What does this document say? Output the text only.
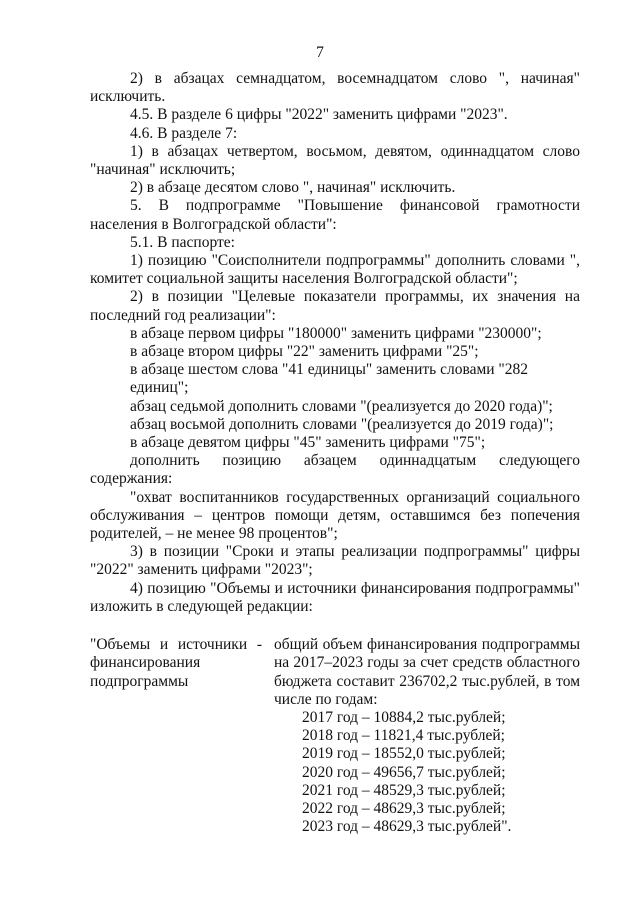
7

2) в абзацах семнадцатом, восемнадцатом слово ", начиная" исключить.

4.5. В разделе 6 цифры "2022" заменить цифрами "2023".

4.6. В разделе 7:

1) в абзацах четвертом, восьмом, девятом, одиннадцатом слово "начиная" исключить;

2) в абзаце десятом слово ", начиная" исключить.

5. В подпрограмме "Повышение финансовой грамотности населения в Волгоградской области":

5.1. В паспорте:

1) позицию "Соисполнители подпрограммы" дополнить словами ", комитет социальной защиты населения Волгоградской области";

2) в позиции "Целевые показатели программы, их значения на последний год реализации":

в абзаце первом цифры "180000" заменить цифрами "230000";

в абзаце втором цифры "22" заменить цифрами "25";

в абзаце шестом слова "41 единицы" заменить словами "282 единиц";

абзац седьмой дополнить словами "(реализуется до 2020 года)";

абзац восьмой дополнить словами "(реализуется до 2019 года)";

в абзаце девятом цифры "45" заменить цифрами "75";

дополнить позицию абзацем одиннадцатым следующего содержания:

"охват воспитанников государственных организаций социального обслуживания – центров помощи детям, оставшимся без попечения родителей, – не менее 98 процентов";

3) в позиции "Сроки и этапы реализации подпрограммы" цифры "2022" заменить цифрами "2023";

4) позицию "Объемы и источники финансирования подпрограммы" изложить в следующей редакции:

"Объемы и источники - финансирования подпрограммы
общий объем финансирования подпрограммы на 2017–2023 годы за счет средств областного бюджета составит 236702,2 тыс.рублей, в том числе по годам:
2017 год – 10884,2 тыс.рублей;
2018 год – 11821,4 тыс.рублей;
2019 год – 18552,0 тыс.рублей;
2020 год – 49656,7 тыс.рублей;
2021 год – 48529,3 тыс.рублей;
2022 год – 48629,3 тыс.рублей;
2023 год – 48629,3 тыс.рублей".
